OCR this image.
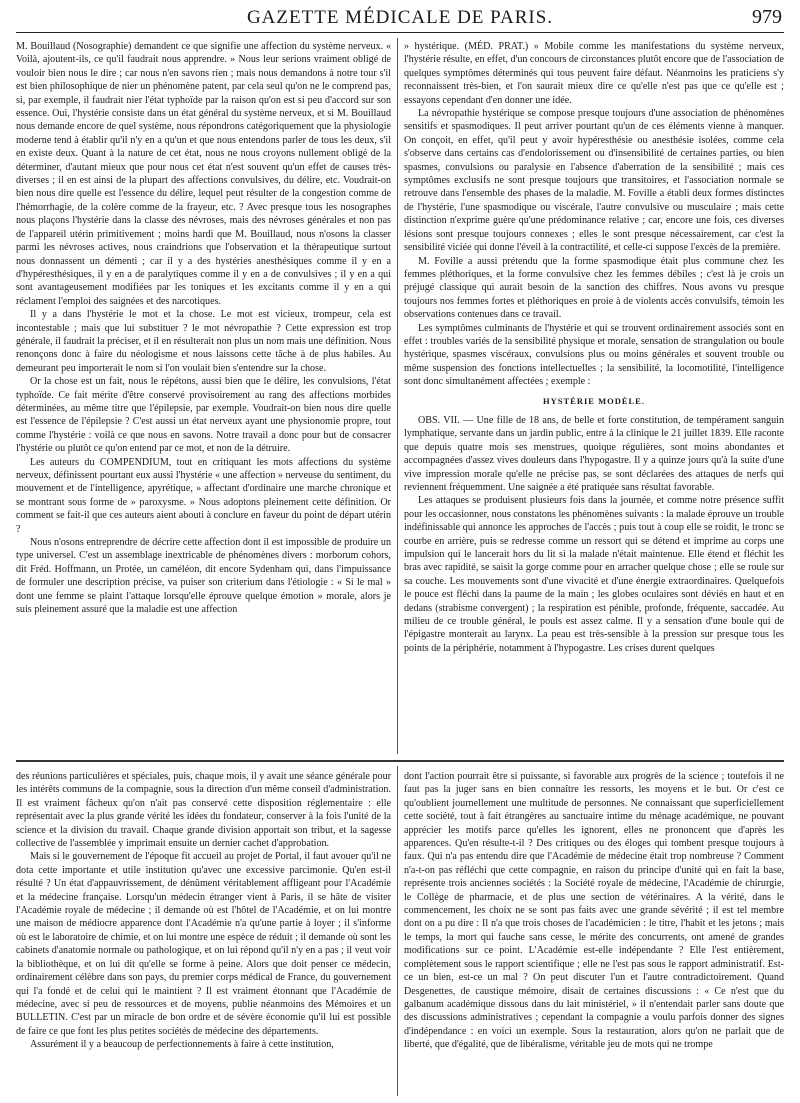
GAZETTE MÉDICALE DE PARIS.	979

M. Bouillaud (Nosographie) demandent ce que signifie une affection du système nerveux. « Voilà, ajoutent-ils, ce qu'il faudrait nous apprendre. » Nous leur serions vraiment obligé de vouloir bien nous le dire ; car nous n'en savons rien ; mais nous demandons à notre tour s'il est bien philosophique de nier un phénomène patent, par cela seul qu'on ne le comprend pas, si, par exemple, il faudrait nier l'état typhoïde par la raison qu'on est si peu d'accord sur son essence. Oui, l'hystérie consiste dans un état général du système nerveux, et si M. Bouillaud nous demande encore de quel système, nous répondrons catégoriquement que la physiologie moderne tend à établir qu'il n'y en a qu'un et que nous entendons parler de tous les deux, s'il en existe deux. Quant à la nature de cet état, nous ne nous croyons nullement obligé de la déterminer, d'autant mieux que pour nous cet état n'est souvent qu'un effet de causes très-diverses ; il en est ainsi de la plupart des affections convulsives, du délire, etc. Voudrait-on bien nous dire quelle est l'essence du délire, lequel peut résulter de la congestion comme de l'hémorrhagie, de la colère comme de la frayeur, etc. ? Avec presque tous les nosographes nous plaçons l'hystérie dans la classe des névroses, mais des névroses générales et non pas de l'appareil utérin primitivement ; moins hardi que M. Bouillaud, nous n'osons la classer parmi les névroses actives, nous craindrions que l'observation et la thérapeutique surtout nous donnassent un démenti ; car il y a des hystéries anesthésiques comme il y en a d'hypéresthésiques, il y en a de paralytiques comme il y en a de convulsives ; il y en a qui sont avantageusement modifiées par les toniques et les excitants comme il y en a qui réclament l'emploi des saignées et des narcotiques.

Il y a dans l'hystérie le mot et la chose. Le mot est vicieux, trompeur, cela est incontestable ; mais que lui substituer ? le mot névropathie ? Cette expression est trop générale, il faudrait la préciser, et il en résulterait non plus un nom mais une définition. Nous renonçons donc à faire du néologisme et nous laissons cette tâche à de plus habiles. Au demeurant peu importerait le nom si l'on voulait bien s'entendre sur la chose.

Or la chose est un fait, nous le répétons, aussi bien que le délire, les convulsions, l'état typhoïde. Ce fait mérite d'être conservé provisoirement au rang des affections morbides déterminées, au même titre que l'épilepsie, par exemple. Voudrait-on bien nous dire quelle est l'essence de l'épilepsie ? C'est aussi un état nerveux ayant une physionomie propre, tout comme l'hystérie : voilà ce que nous en savons. Notre travail a donc pour but de consacrer l'hystérie ou plutôt ce qu'on entend par ce mot, et non de la détruire.

Les auteurs du COMPENDIUM, tout en critiquant les mots affections du système nerveux, définissent pourtant eux aussi l'hystérie « une affection » nerveuse du sentiment, du mouvement et de l'intelligence, apyrétique, » affectant d'ordinaire une marche chronique et se montrant sous forme de » paroxysme. » Nous adoptons pleinement cette définition. Or comment se fait-il que ces auteurs aient abouti à conclure en faveur du point de départ utérin ?

Nous n'osons entreprendre de décrire cette affection dont il est impossible de produire un type universel. C'est un assemblage inextricable de phénomènes divers : morborum cohors, dit Fréd. Hoffmann, un Protée, un caméléon, dit encore Sydenham qui, dans l'impuissance de formuler une description précise, va puiser son criterium dans l'étiologie : « Si le mal » dont une femme se plaint l'attaque lorsqu'elle éprouve quelque émotion » morale, alors je suis pleinement assuré que la maladie est une affection

» hystérique. (MÉD. PRAT.) » Mobile comme les manifestations du système nerveux, l'hystérie résulte, en effet, d'un concours de circonstances plutôt encore que de l'association de quelques symptômes déterminés qui tous peuvent faire défaut. Néanmoins les praticiens s'y reconnaissent très-bien, et l'on saurait mieux dire ce qu'elle n'est pas que ce qu'elle est ; essayons cependant d'en donner une idée.

La névropathie hystérique se compose presque toujours d'une association de phénomènes sensitifs et spasmodiques. Il peut arriver pourtant qu'un de ces éléments vienne à manquer. On conçoit, en effet, qu'il peut y avoir hypéresthésie ou anesthésie isolées, comme cela s'observe dans certains cas d'endolorissement ou d'insensibilité de certaines parties, ou bien spasmes, convulsions ou paralysie en l'absence d'aberration de la sensibilité ; mais ces symptômes exclusifs ne sont presque toujours que transitoires, et l'association normale se retrouve dans l'ensemble des phases de la maladie. M. Foville a établi deux formes distinctes de l'hystérie, l'une spasmodique ou viscérale, l'autre convulsive ou musculaire ; mais cette distinction n'exprime guère qu'une prédominance relative ; car, encore une fois, ces diverses lésions sont presque toujours connexes ; elles le sont presque nécessairement, car c'est la sensibilité viciée qui donne l'éveil à la contractilité, et celle-ci suppose l'excès de la première.

M. Foville a aussi prétendu que la forme spasmodique était plus commune chez les femmes pléthoriques, et la forme convulsive chez les femmes débiles ; c'est là je crois un préjugé classique qui aurait besoin de la sanction des chiffres. Nous avons vu presque toujours nos femmes fortes et pléthoriques en proie à de violents accès convulsifs, témoin les observations contenues dans ce travail.

Les symptômes culminants de l'hystérie et qui se trouvent ordinairement associés sont en effet : troubles variés de la sensibilité physique et morale, sensation de strangulation ou boule hystérique, spasmes viscéraux, convulsions plus ou moins générales et souvent trouble ou même suspension des fonctions intellectuelles ; la sensibilité, la locomotilité, l'intelligence sont donc simultanément affectées ; exemple :

HYSTÉRIE MODÈLE.

OBS. VII. — Une fille de 18 ans, de belle et forte constitution, de tempérament sanguin lymphatique, servante dans un jardin public, entre à la clinique le 21 juillet 1839. Elle raconte que depuis quatre mois ses menstrues, quoique régulières, sont moins abondantes et accompagnées d'assez vives douleurs dans l'hypogastre. Il y a quinze jours qu'à la suite d'une vive impression morale qu'elle ne précise pas, se sont déclarées des attaques de nerfs qui reviennent fréquemment. Une saignée a été pratiquée sans résultat favorable.

Les attaques se produisent plusieurs fois dans la journée, et comme notre présence suffit pour les occasionner, nous constatons les phénomènes suivants : la malade éprouve un trouble indéfinissable qui annonce les approches de l'accès ; puis tout à coup elle se roidit, le tronc se courbe en arrière, puis se redresse comme un ressort qui se détend et imprime au corps une impulsion qui le lancerait hors du lit si la malade n'était maintenue. Elle étend et fléchit les bras avec rapidité, se saisit la gorge comme pour en arracher quelque chose ; elle se roule sur sa couche. Les mouvements sont d'une vivacité et d'une énergie extraordinaires. Quelquefois le pouce est fléchi dans la paume de la main ; les globes oculaires sont déviés en haut et en dedans (strabisme convergent) ; la respiration est pénible, profonde, fréquente, saccadée. Au milieu de ce trouble général, le pouls est assez calme. Il y a sensation d'une boule qui de l'épigastre monterait au larynx. La peau est très-sensible à la pression sur presque tous les points de la périphérie, notamment à l'hypogastre. Les crises durent quelques

des réunions particulières et spéciales, puis, chaque mois, il y avait une séance générale pour les intérêts communs de la compagnie, sous la direction d'un même conseil d'administration. Il est vraiment fâcheux qu'on n'ait pas conservé cette disposition réglementaire : elle représentait avec la plus grande vérité les idées du fondateur, conserver à la fois l'unité de la science et la division du travail. Chaque grande division apportait son tribut, et la sagesse collective de l'assemblée y imprimait ensuite un dernier cachet d'approbation.

Mais si le gouvernement de l'époque fit accueil au projet de Portal, il faut avouer qu'il ne dota cette importante et utile institution qu'avec une excessive parcimonie. Qu'en est-il résulté ? Un état d'appauvrissement, de dénûment véritablement affligeant pour l'Académie et la médecine française. Lorsqu'un médecin étranger vient à Paris, il se hâte de visiter l'Académie royale de médecine ; il demande où est l'hôtel de l'Académie, et on lui montre une maison de médiocre apparence dont l'Académie n'a qu'une partie à loyer ; il s'informe où est le laboratoire de chimie, et on lui montre une espèce de réduit ; il demande où sont les cabinets d'anatomie normale ou pathologique, et on lui répond qu'il n'y en a pas ; il veut voir la bibliothèque, et on lui dit qu'elle se forme à peine. Alors que doit penser ce médecin, ordinairement célèbre dans son pays, du premier corps médical de France, du gouvernement qui l'a fondé et de celui qui le maintient ? Il est vraiment étonnant que l'Académie de médecine, avec si peu de ressources et de moyens, publie néanmoins des Mémoires et un BULLETIN. C'est par un miracle de bon ordre et de sévère économie qu'il lui est possible de faire ce que font les plus petites sociétés de médecine des départements.

Assurément il y a beaucoup de perfectionnements à faire à cette institution,

dont l'action pourrait être si puissante, si favorable aux progrès de la science ; toutefois il ne faut pas la juger sans en bien connaître les ressorts, les moyens et le but. Or c'est ce qu'oublient journellement une multitude de personnes. Ne connaissant que superficiellement cette société, tout à fait étrangères au sanctuaire intime du ménage académique, ne pouvant apprécier les motifs parce qu'elles les ignorent, elles ne prononcent que d'après les apparences. Qu'en résulte-t-il ? Des critiques ou des éloges qui tombent presque toujours à faux. Qui n'a pas entendu dire que l'Académie de médecine était trop nombreuse ? Comment n'a-t-on pas réfléchi que cette compagnie, en raison du principe d'unité qui en fait la base, représente trois anciennes sociétés : la Société royale de médecine, l'Académie de chirurgie, le Collège de pharmacie, et de plus une section de vétérinaires. A la vérité, dans le commencement, les choix ne se sont pas faits avec une grande sévérité ; il est tel membre dont on a pu dire : Il n'a que trois choses de l'académicien : le titre, l'habit et les jetons ; mais le temps, la mort qui fauche sans cesse, le mérite des concurrents, ont amené de grandes modifications sur ce point. L'Académie est-elle indépendante ? Elle l'est entièrement, complètement sous le rapport scientifique ; elle ne l'est pas sous le rapport administratif. Est-ce un bien, est-ce un mal ? On peut discuter l'un et l'autre contradictoirement. Quand Desgenettes, de caustique mémoire, disait de certaines discussions : « Ce n'est que du galbanum académique dissous dans du lait ministériel, » il n'entendait parler sans doute que des discussions administratives ; cependant la compagnie a voulu parfois donner des signes d'indépendance : en voici un exemple. Sous la restauration, alors qu'on ne parlait que de liberté, que d'égalité, que de libéralisme, véritable jeu de mots qui ne trompe
